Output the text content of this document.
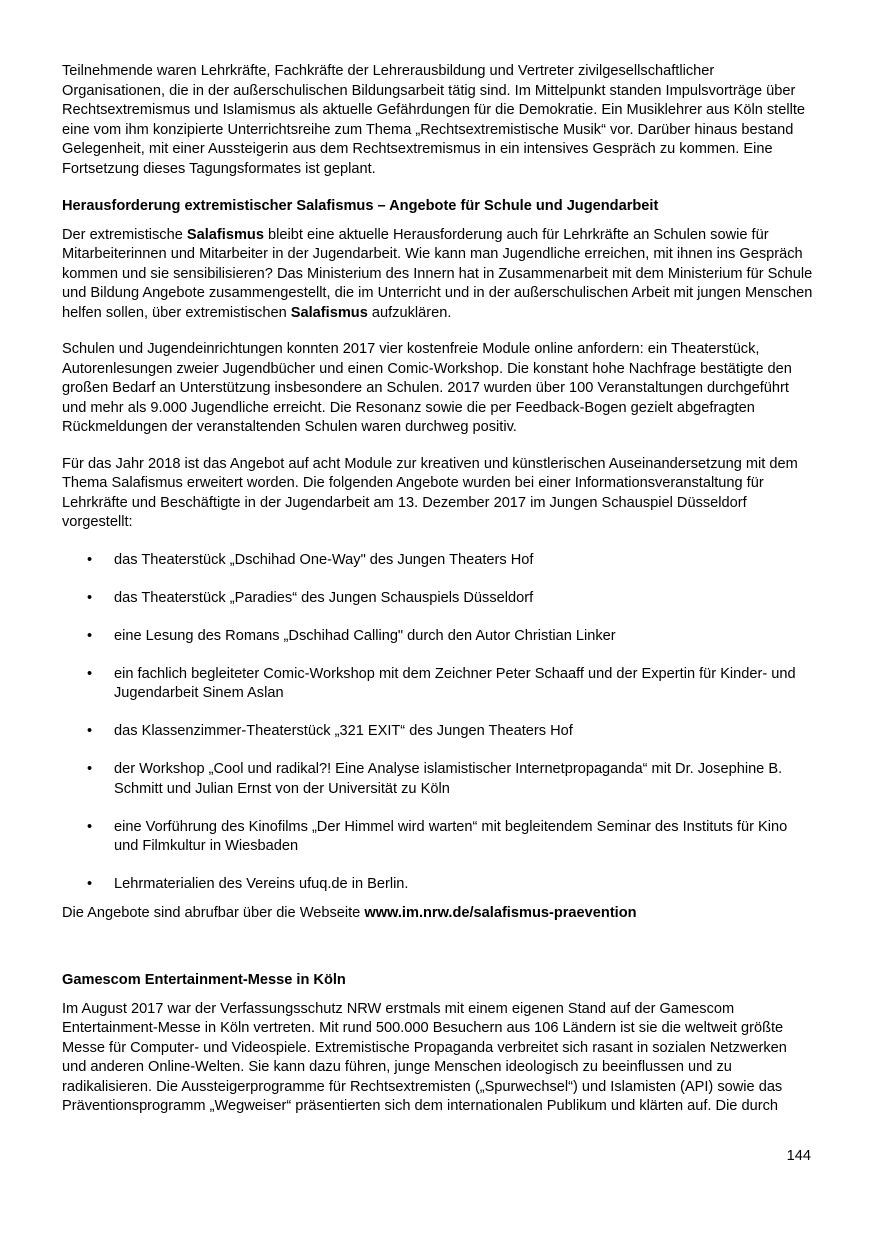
Teilnehmende waren Lehrkräfte, Fachkräfte der Lehrerausbildung und Vertreter zivilgesellschaftlicher Organisationen, die in der außerschulischen Bildungsarbeit tätig sind. Im Mittelpunkt standen Impulsvorträge über Rechtsextremismus und Islamismus als aktuelle Gefährdungen für die Demokratie. Ein Musiklehrer aus Köln stellte eine vom ihm konzipierte Unterrichtsreihe zum Thema „Rechtsextremistische Musik“ vor. Darüber hinaus bestand Gelegenheit, mit einer Aussteigerin aus dem Rechtsextremismus in ein intensives Gespräch zu kommen. Eine Fortsetzung dieses Tagungsformates ist geplant.

Herausforderung extremistischer Salafismus – Angebote für Schule und Jugendarbeit

Der extremistische Salafismus bleibt eine aktuelle Herausforderung auch für Lehrkräfte an Schulen sowie für Mitarbeiterinnen und Mitarbeiter in der Jugendarbeit. Wie kann man Jugendliche erreichen, mit ihnen ins Gespräch kommen und sie sensibilisieren? Das Ministerium des Innern hat in Zusammenarbeit mit dem Ministerium für Schule und Bildung Angebote zusammengestellt, die im Unterricht und in der außerschulischen Arbeit mit jungen Menschen helfen sollen, über extremistischen Salafismus aufzuklären.

Schulen und Jugendeinrichtungen konnten 2017 vier kostenfreie Module online anfordern: ein Theaterstück, Autorenlesungen zweier Jugendbücher und einen Comic-Workshop. Die konstant hohe Nachfrage bestätigte den großen Bedarf an Unterstützung insbesondere an Schulen. 2017 wurden über 100 Veranstaltungen durchgeführt und mehr als 9.000 Jugendliche erreicht. Die Resonanz sowie die per Feedback-Bogen gezielt abgefragten Rückmeldungen der veranstaltenden Schulen waren durchweg positiv.

Für das Jahr 2018 ist das Angebot auf acht Module zur kreativen und künstlerischen Auseinandersetzung mit dem Thema Salafismus erweitert worden. Die folgenden Angebote wurden bei einer Informationsveranstaltung für Lehrkräfte und Beschäftigte in der Jugendarbeit am 13. Dezember 2017 im Jungen Schauspiel Düsseldorf vorgestellt:

• das Theaterstück „Dschihad One-Way" des Jungen Theaters Hof
• das Theaterstück „Paradies“ des Jungen Schauspiels Düsseldorf
• eine Lesung des Romans „Dschihad Calling" durch den Autor Christian Linker
• ein fachlich begleiteter Comic-Workshop mit dem Zeichner Peter Schaaff und der Expertin für Kinder- und Jugendarbeit Sinem Aslan
• das Klassenzimmer-Theaterstück „321 EXIT“ des Jungen Theaters Hof
• der Workshop „Cool und radikal?! Eine Analyse islamistischer Internetpropaganda“ mit Dr. Josephine B. Schmitt und Julian Ernst von der Universität zu Köln
• eine Vorführung des Kinofilms „Der Himmel wird warten“ mit begleitendem Seminar des Instituts für Kino und Filmkultur in Wiesbaden
• Lehrmaterialien des Vereins ufuq.de in Berlin.

Die Angebote sind abrufbar über die Webseite www.im.nrw.de/salafismus-praevention

Gamescom Entertainment-Messe in Köln

Im August 2017 war der Verfassungsschutz NRW erstmals mit einem eigenen Stand auf der Gamescom Entertainment-Messe in Köln vertreten. Mit rund 500.000 Besuchern aus 106 Ländern ist sie die weltweit größte Messe für Computer- und Videospiele. Extremistische Propaganda verbreitet sich rasant in sozialen Netzwerken und anderen Online-Welten. Sie kann dazu führen, junge Menschen ideologisch zu beeinflussen und zu radikalisieren. Die Aussteigerprogramme für Rechtsextremisten („Spurwechsel“) und Islamisten (API) sowie das Präventionsprogramm „Wegweiser“ präsentierten sich dem internationalen Publikum und klärten auf. Die durch

144
